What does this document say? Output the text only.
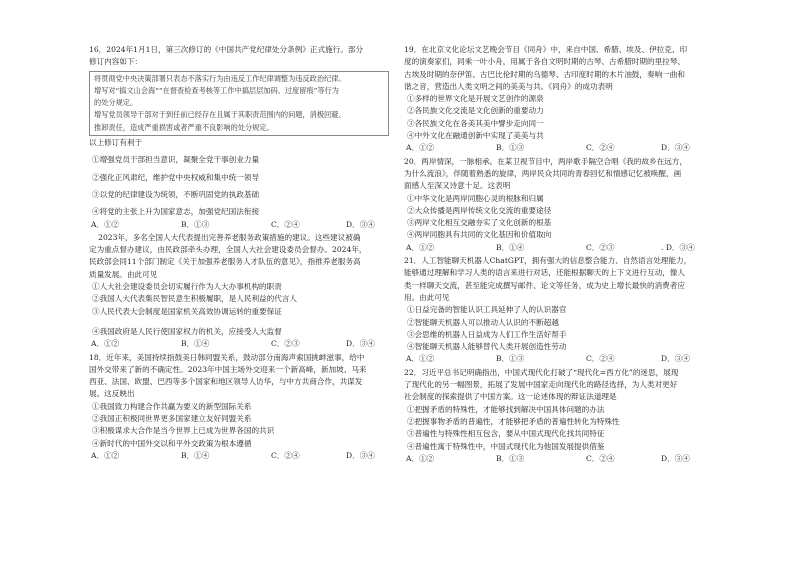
16．2024年1月1日，第三次修订的《中国共产党纪律处分条例》正式施行。部分

修订内容如下：

将贯彻党中央决策部署只表态不落实行为由违反工作纪律调整为违反政治纪律。
增写对“搞文山会海”“在督查检查考核等工作中搞层层加码、过度留痕”等行为
的处分规定。
增写党员领导干部对于到任前已经存在且属于其职责范围内的问题，消极回避、
推卸责任，造成严重损害或者严重不良影响的处分规定。

以上修订有利于

①增强党员干部担当意识，凝聚全党干事创业力量

②强化正风肃纪，维护党中央权威和集中统一领导

③以党的纪律建设为统领，不断巩固党的执政基础

④将党的主张上升为国家意志，加强党纪国法衔接

A．①②	B．①③	C．②④	D．③④

2023年，多名全国人大代表提出完善养老服务政策措施的建议。这些建议被确

定为重点督办建议，由民政部牵头办理，全国人大社会建设委员会督办。2024年，

民政部会同11个部门制定《关于加强养老服务人才队伍的意见》，指推养老服务高

质量发展。由此可见

①人大社会建设委员会切实履行作为人大办事机构的职责

②我国人大代表集民智民意生积极履职，是人民利益的代言人

③人民代表大会制度是国家机关高效协调运转的重要保证

④我国政府是人民行使国家权力的机关，应接受人大监督

A．①②	B．①④	C．②③	D．③④

18．近年来，美国持续指鼓美日韩同盟关系，鼓动部分南海声索国挑衅滋事，给中

国外交带来了新的不确定性。2023年中国主场外交迎来一个新高峰，新加坡、马来

西亚、法国、欧盟、巴西等多个国家和地区领导人访华，与中方共商合作，共谋发

展。这反映出

①我国致力构建合作共赢为要义的新型国际关系

②我国正积极同世界更多国家建立友好同盟关系

③积极谋求大合作是当今世界上已成为世界各国的共识

④新时代的中国外交以和平外交政策为根本遵循

A．①②	B．①④	C．②④	D．③④

19．在北京文化论坛文艺晚会节目《同舟》中，来自中国、希腊、埃及、伊拉克、印

度的演奏家们，同乘一叶小舟，用属于各自文明时期的古琴、古希腊时期的里拉琴、

古埃及时期的奈伊笛、古巴比伦时期的乌德琴、古印度时期的木片油鼓，奏响一曲和

谐之音，营造出人类文明之间的美美与共。《同舟》的成功表明

①多样的世界文化是开展文艺创作的源泉

②各民族文化交流是文化创新的重要动力

③各民族文化在各美其美中譬步走向同一

④中外文化在融通创新中实现了美美与共

A．①②	B．①③	C．②④	D．③④

20．两岸情深，一脉相承。在某卫视节目中，两岸歌手隔空合唱《我的故乡在远方，

为什么流浪》，伴随着熟悉的旋律，两岸民众共同的青春回忆和情感记忆被唤醒，画

面感人至深又诗意十足。这表明

①中华文化是两岸同胞心灵的根脉和归属

②大众传播是两岸传统文化交流的重要途径

③两岸文化相互交融夯实了文化创新的根基

④两岸同胞具有共同的文化基因和价值取向

A．①②	B．①④	C．②③	. D．③④

21．人工智能聊天机器人ChatGPT，拥有强大的信息整合能力、自然语言处理能力，

能够通过理解和学习人类的语言来进行对话，还能根据聊天的上下文进行互动，像人

类一样聊天交流，甚至能完成撰写邮件、论文等任务，成为史上增长最快的消费者应

用。由此可见

①日益完备的智能认识工具延伸了人的认识器官

②智能聊天机器人可以推动人认识的不断超越

③会思维的机器人日益成为人们工作生活好帮手

④智能聊天机器人能够替代人类开展创造性劳动

A．①②	B．①③	C．②④	D．③④

22．习近平总书记明确指出，中国式现代化打破了“现代化=西方化”的迷思，展现

了现代化的另一幅图景，拓展了发展中国家走向现代化的路径选择，为人类对更好

社会制度的探索提供了中国方案。这一论述体现的辩证法道理是

①把握矛盾的特殊性，才能够找到解决中国具体问题的办法

②把握事物矛盾的普遍性，才能够把矛盾的普遍性转化为特殊性

③普遍性与特殊性相互包含，要从中国式现代化找共同特征

④普遍性寓于特殊性中，中国式现代化为他国发展提供借鉴

A．①②	B．①③	C．②④	D．③④
